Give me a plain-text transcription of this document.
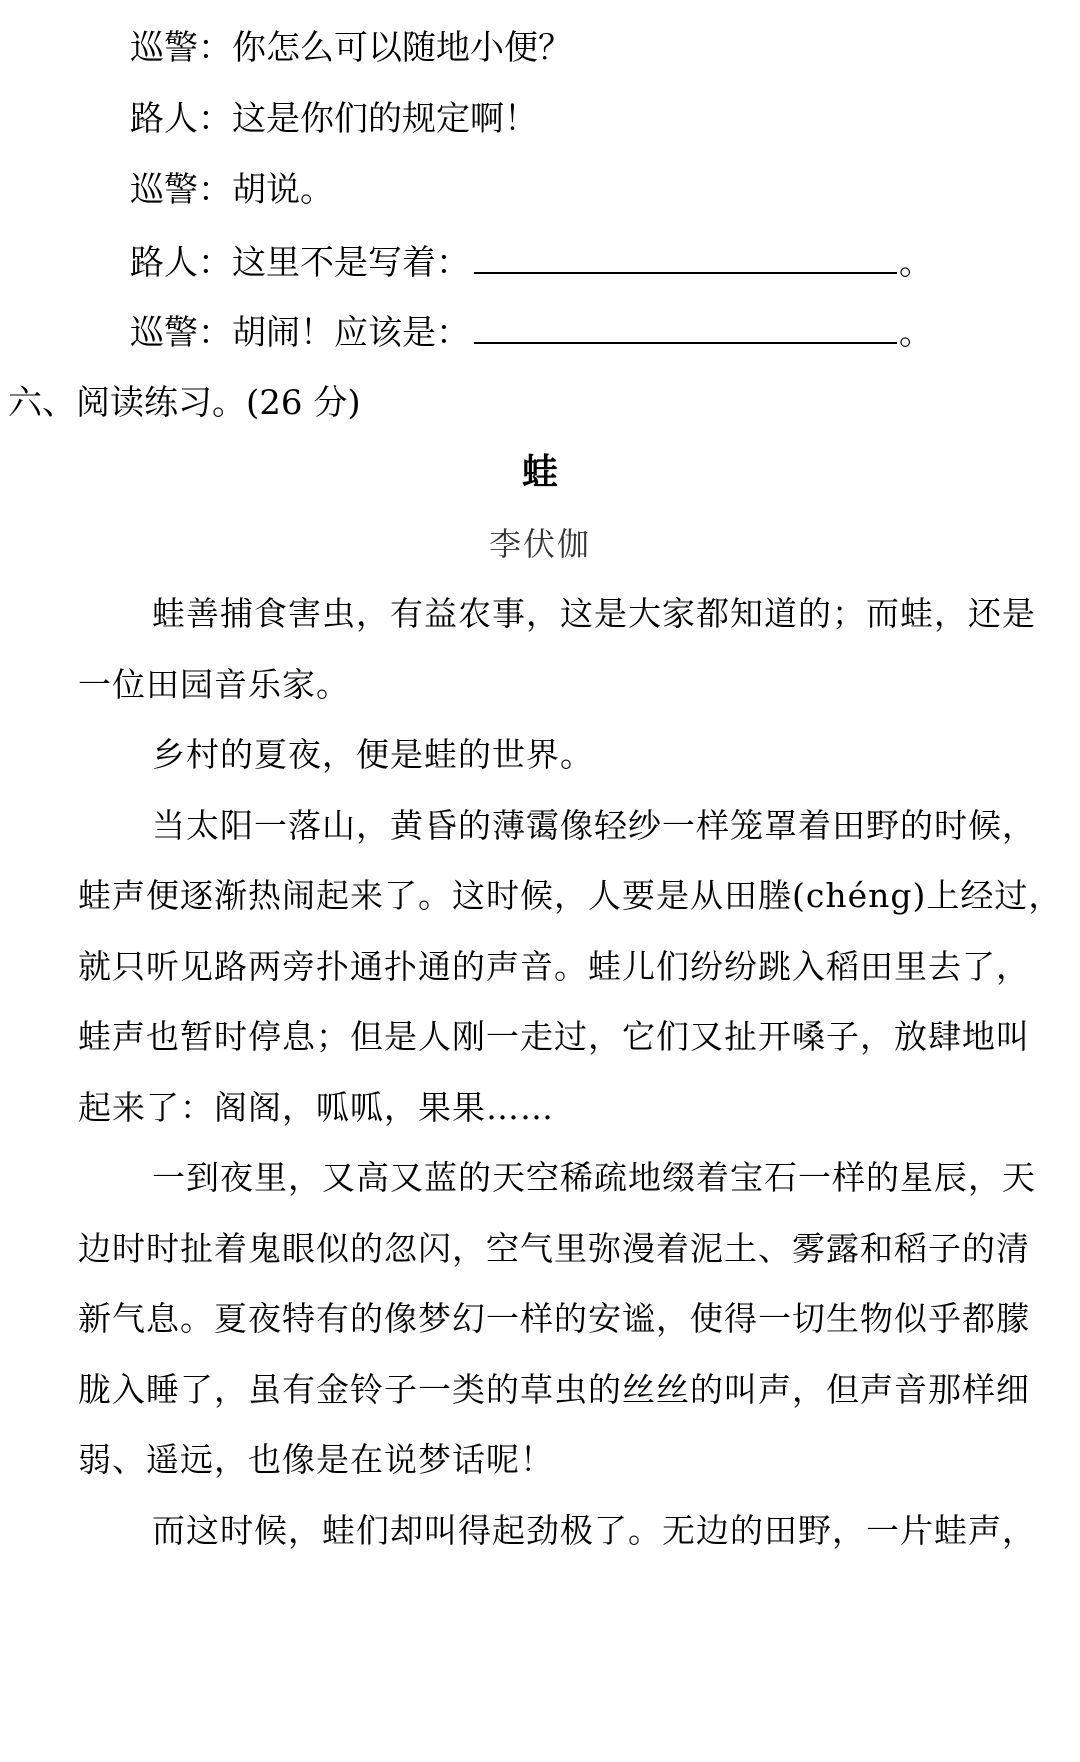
巡警：你怎么可以随地小便？
路人：这是你们的规定啊！
巡警：胡说。
路人：这里不是写着：	。
巡警：胡闹！应该是：	。
六、阅读练习。(26 分)
蛙
李伏伽
蛙善捕食害虫，有益农事，这是大家都知道的；而蛙，还是
一位田园音乐家。
乡村的夏夜，便是蛙的世界。
当太阳一落山，黄昏的薄霭像轻纱一样笼罩着田野的时候，
蛙声便逐渐热闹起来了。这时候，人要是从田塍(chéng)上经过，
就只听见路两旁扑通扑通的声音。蛙儿们纷纷跳入稻田里去了，
蛙声也暂时停息；但是人刚一走过，它们又扯开嗓子，放肆地叫
起来了：阁阁，呱呱，果果……
一到夜里，又高又蓝的天空稀疏地缀着宝石一样的星辰，天
边时时扯着鬼眼似的忽闪，空气里弥漫着泥土、雾露和稻子的清
新气息。夏夜特有的像梦幻一样的安谧，使得一切生物似乎都朦
胧入睡了，虽有金铃子一类的草虫的丝丝的叫声，但声音那样细
弱、遥远，也像是在说梦话呢！
而这时候，蛙们却叫得起劲极了。无边的田野，一片蛙声，
